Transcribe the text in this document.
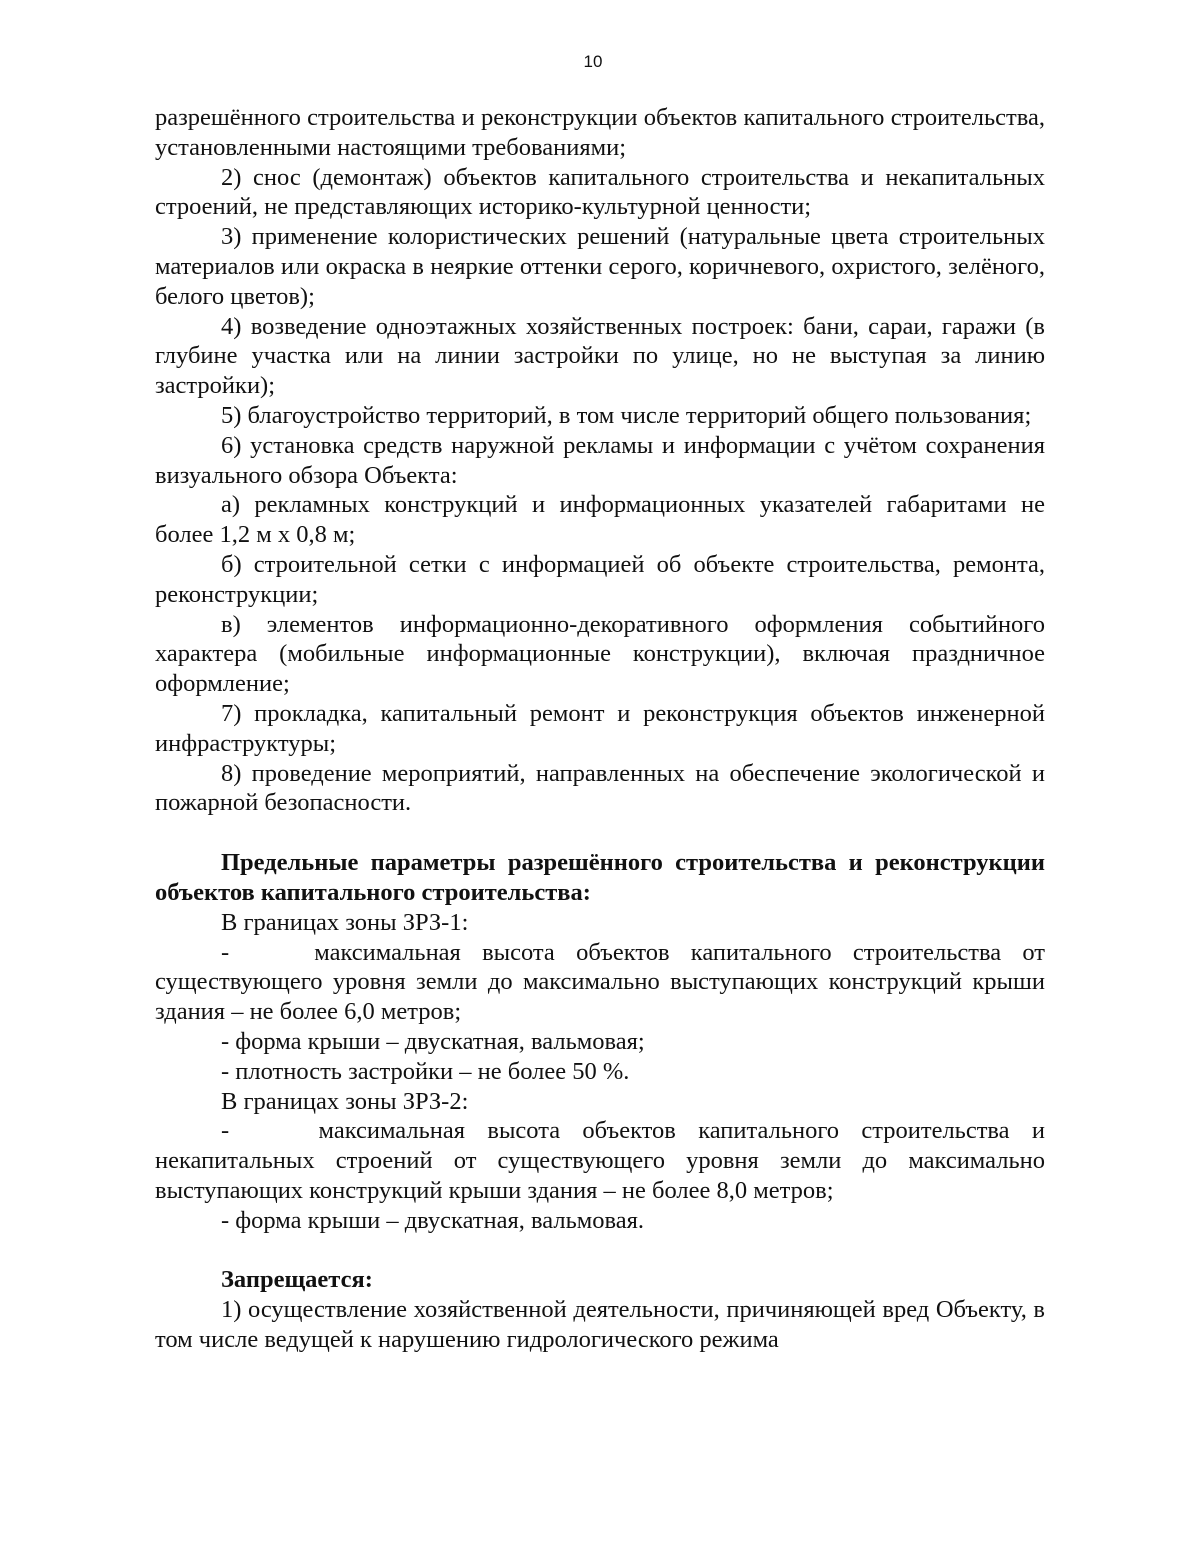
10

разрешённого строительства и реконструкции объектов капитального строительства, установленными настоящими требованиями;

2) снос (демонтаж) объектов капитального строительства и некапитальных строений, не представляющих историко-культурной ценности;

3) применение колористических решений (натуральные цвета строительных материалов или окраска в неяркие оттенки серого, коричневого, охристого, зелёного, белого цветов);

4) возведение одноэтажных хозяйственных построек: бани, сараи, гаражи (в глубине участка или на линии застройки по улице, но не выступая за линию застройки);

5) благоустройство территорий, в том числе территорий общего пользования;

6) установка средств наружной рекламы и информации с учётом сохранения визуального обзора Объекта:

а) рекламных конструкций и информационных указателей габаритами не более 1,2 м х 0,8 м;

б) строительной сетки с информацией об объекте строительства, ремонта, реконструкции;

в) элементов информационно-декоративного оформления событийного характера (мобильные информационные конструкции), включая праздничное оформление;

7) прокладка, капитальный ремонт и реконструкция объектов инженерной инфраструктуры;

8) проведение мероприятий, направленных на обеспечение экологической и пожарной безопасности.

Предельные параметры разрешённого строительства и реконструкции объектов капитального строительства:

В границах зоны ЗРЗ-1:

-    максимальная высота объектов капитального строительства от существующего уровня земли до максимально выступающих конструкций крыши здания – не более 6,0 метров;

- форма крыши – двускатная, вальмовая;

- плотность застройки – не более 50 %.

В границах зоны ЗРЗ-2:

-    максимальная высота объектов капитального строительства и некапитальных строений от существующего уровня земли до максимально выступающих конструкций крыши здания – не более 8,0 метров;

- форма крыши – двускатная, вальмовая.

Запрещается:

1) осуществление хозяйственной деятельности, причиняющей вред Объекту, в том числе ведущей к нарушению гидрологического режима
